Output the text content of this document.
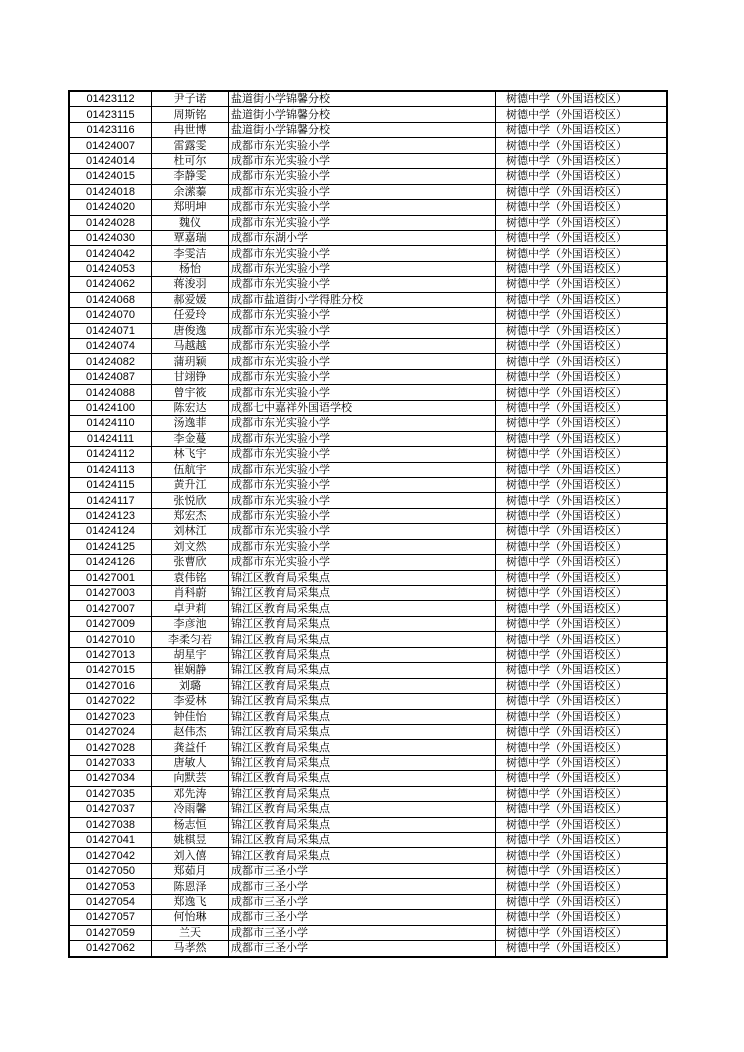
01423112	尹子诺	盐道街小学锦馨分校	树德中学（外国语校区）
01423115	周斯铭	盐道街小学锦馨分校	树德中学（外国语校区）
01423116	冉世博	盐道街小学锦馨分校	树德中学（外国语校区）
01424007	雷露雯	成都市东光实验小学	树德中学（外国语校区）
01424014	杜可尔	成都市东光实验小学	树德中学（外国语校区）
01424015	李静雯	成都市东光实验小学	树德中学（外国语校区）
01424018	余潆蓁	成都市东光实验小学	树德中学（外国语校区）
01424020	郑明坤	成都市东光实验小学	树德中学（外国语校区）
01424028	魏仪	成都市东光实验小学	树德中学（外国语校区）
01424030	覃嘉瑞	成都市东湖小学	树德中学（外国语校区）
01424042	李雯洁	成都市东光实验小学	树德中学（外国语校区）
01424053	杨怡	成都市东光实验小学	树德中学（外国语校区）
01424062	蒋浚羽	成都市东光实验小学	树德中学（外国语校区）
01424068	郝爱媛	成都市盐道街小学得胜分校	树德中学（外国语校区）
01424070	任爱玲	成都市东光实验小学	树德中学（外国语校区）
01424071	唐俊逸	成都市东光实验小学	树德中学（外国语校区）
01424074	马越越	成都市东光实验小学	树德中学（外国语校区）
01424082	蒲玥颖	成都市东光实验小学	树德中学（外国语校区）
01424087	甘翊铮	成都市东光实验小学	树德中学（外国语校区）
01424088	曾宇筱	成都市东光实验小学	树德中学（外国语校区）
01424100	陈宏达	成都七中嘉祥外国语学校	树德中学（外国语校区）
01424110	汤逸菲	成都市东光实验小学	树德中学（外国语校区）
01424111	李金蔓	成都市东光实验小学	树德中学（外国语校区）
01424112	林飞宇	成都市东光实验小学	树德中学（外国语校区）
01424113	伍航宇	成都市东光实验小学	树德中学（外国语校区）
01424115	黄升江	成都市东光实验小学	树德中学（外国语校区）
01424117	张悦欣	成都市东光实验小学	树德中学（外国语校区）
01424123	郑宏杰	成都市东光实验小学	树德中学（外国语校区）
01424124	刘林江	成都市东光实验小学	树德中学（外国语校区）
01424125	刘文然	成都市东光实验小学	树德中学（外国语校区）
01424126	张曹欣	成都市东光实验小学	树德中学（外国语校区）
01427001	袁伟铭	锦江区教育局采集点	树德中学（外国语校区）
01427003	肖科蔚	锦江区教育局采集点	树德中学（外国语校区）
01427007	卓尹莉	锦江区教育局采集点	树德中学（外国语校区）
01427009	李彦池	锦江区教育局采集点	树德中学（外国语校区）
01427010	李柔匀若	锦江区教育局采集点	树德中学（外国语校区）
01427013	胡星宇	锦江区教育局采集点	树德中学（外国语校区）
01427015	崔娴静	锦江区教育局采集点	树德中学（外国语校区）
01427016	刘璐	锦江区教育局采集点	树德中学（外国语校区）
01427022	李爱林	锦江区教育局采集点	树德中学（外国语校区）
01427023	钟佳怡	锦江区教育局采集点	树德中学（外国语校区）
01427024	赵伟杰	锦江区教育局采集点	树德中学（外国语校区）
01427028	龚益仟	锦江区教育局采集点	树德中学（外国语校区）
01427033	唐敏人	锦江区教育局采集点	树德中学（外国语校区）
01427034	向默芸	锦江区教育局采集点	树德中学（外国语校区）
01427035	邓先涛	锦江区教育局采集点	树德中学（外国语校区）
01427037	冷雨馨	锦江区教育局采集点	树德中学（外国语校区）
01427038	杨志恒	锦江区教育局采集点	树德中学（外国语校区）
01427041	姚棋昱	锦江区教育局采集点	树德中学（外国语校区）
01427042	刘入僖	锦江区教育局采集点	树德中学（外国语校区）
01427050	郑茹月	成都市三圣小学	树德中学（外国语校区）
01427053	陈恩泽	成都市三圣小学	树德中学（外国语校区）
01427054	郑逸飞	成都市三圣小学	树德中学（外国语校区）
01427057	何怡琳	成都市三圣小学	树德中学（外国语校区）
01427059	兰天	成都市三圣小学	树德中学（外国语校区）
01427062	马孝然	成都市三圣小学	树德中学（外国语校区）
